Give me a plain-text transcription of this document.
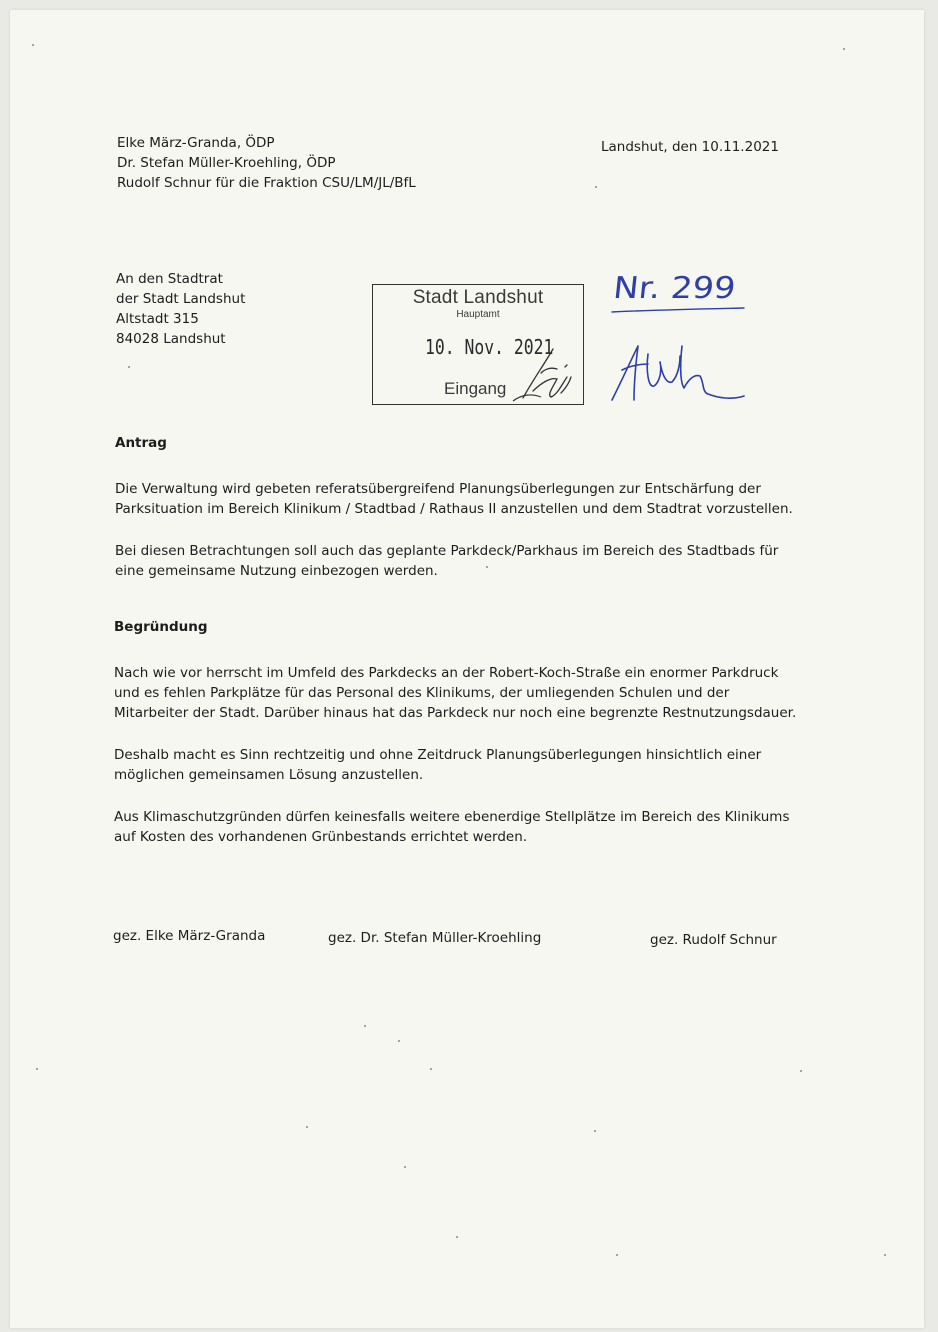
Elke März-Granda, ÖDP
Dr. Stefan Müller-Kroehling, ÖDP
Rudolf Schnur für die Fraktion CSU/LM/JL/BfL
Landshut, den 10.11.2021
An den Stadtrat
der Stadt Landshut
Altstadt 315
84028 Landshut
Stadt Landshut
Hauptamt
10. Nov. 2021
Eingang
Nr. 299
Antrag
Die Verwaltung wird gebeten referatsübergreifend Planungsüberlegungen zur Entschärfung der
Parksituation im Bereich Klinikum / Stadtbad / Rathaus II anzustellen und dem Stadtrat vorzustellen.
Bei diesen Betrachtungen soll auch das geplante Parkdeck/Parkhaus im Bereich des Stadtbads für
eine gemeinsame Nutzung einbezogen werden.
Begründung
Nach wie vor herrscht im Umfeld des Parkdecks an der Robert-Koch-Straße ein enormer Parkdruck
und es fehlen Parkplätze für das Personal des Klinikums, der umliegenden Schulen und der
Mitarbeiter der Stadt. Darüber hinaus hat das Parkdeck nur noch eine begrenzte Restnutzungsdauer.
Deshalb macht es Sinn rechtzeitig und ohne Zeitdruck Planungsüberlegungen hinsichtlich einer
möglichen gemeinsamen Lösung anzustellen.
Aus Klimaschutzgründen dürfen keinesfalls weitere ebenerdige Stellplätze im Bereich des Klinikums
auf Kosten des vorhandenen Grünbestands errichtet werden.
gez. Elke März-Granda	gez. Dr. Stefan Müller-Kroehling	gez. Rudolf Schnur
